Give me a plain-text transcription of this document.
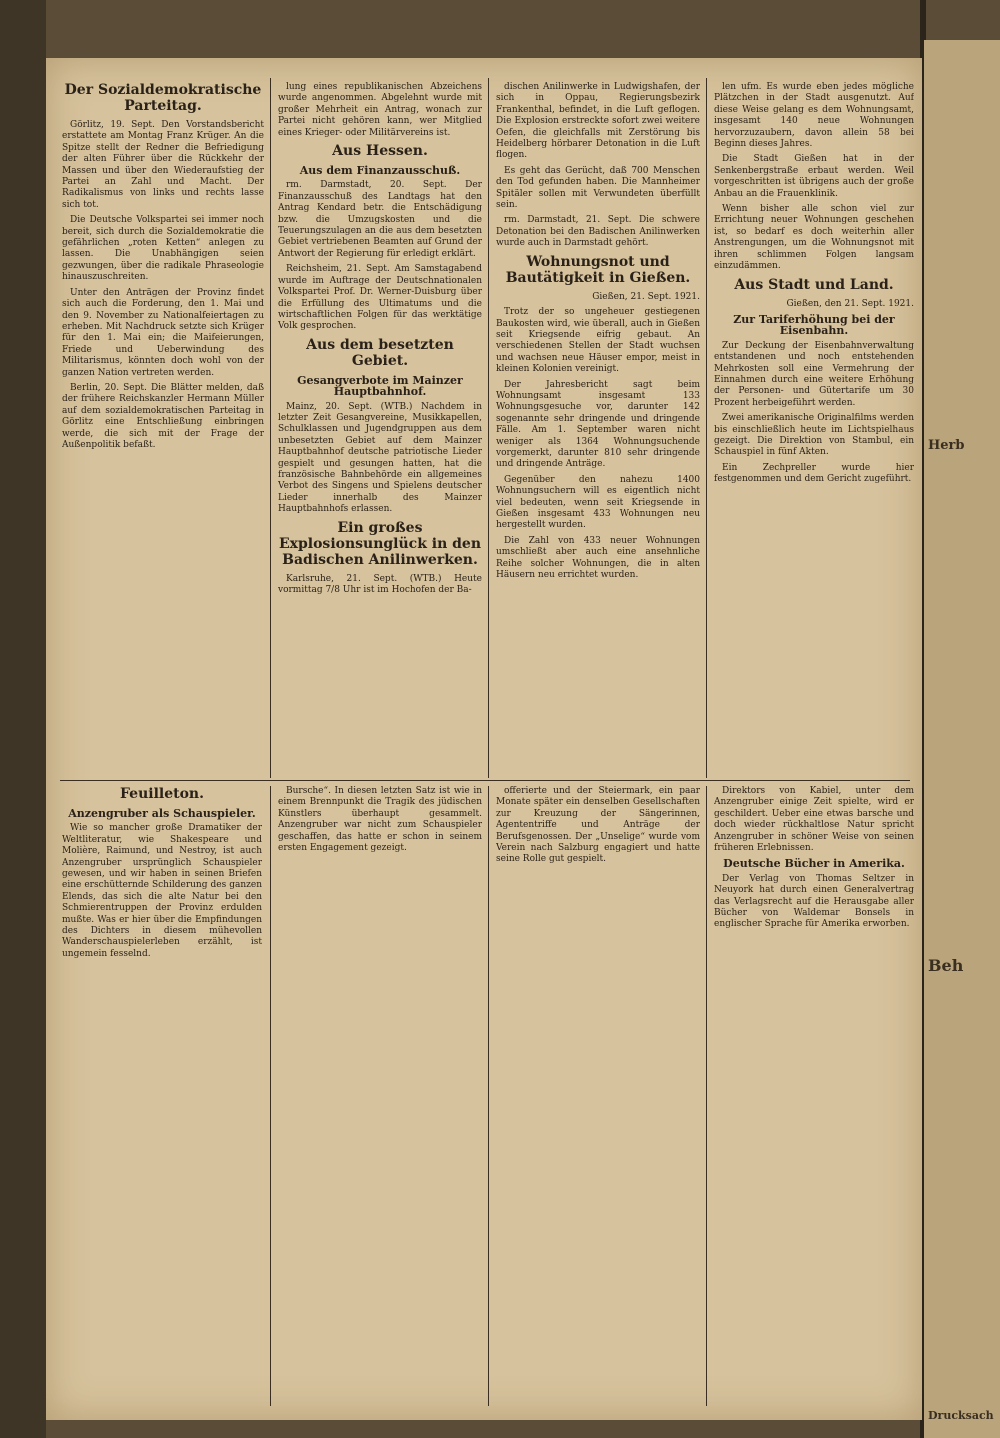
Der Sozialdemokratische Parteitag.

Görlitz, 19. Sept. Den Vorstandsbericht erstattete am Montag Franz Krüger. An die Spitze stellt der Redner die Befriedigung der alten Führer über die Rückkehr der Massen und über den Wiederaufstieg der Partei an Zahl und Macht. Der Radikalismus von links und rechts lasse sich tot.

Die Deutsche Volkspartei sei immer noch bereit, sich durch die Sozialdemokratie die gefährlichen „roten Ketten“ anlegen zu lassen. Die Unabhängigen seien gezwungen, über die radikale Phraseologie hinauszuschreiten.

Unter den Anträgen der Provinz findet sich auch die Forderung, den 1. Mai und den 9. November zu Nationalfeiertagen zu erheben. Mit Nachdruck setzte sich Krüger für den 1. Mai ein; die Maifeierungen, Friede und Ueberwindung des Militarismus, könnten doch wohl von der ganzen Nation vertreten werden.

Berlin, 20. Sept. Die Blätter melden, daß der frühere Reichskanzler Hermann Müller auf dem sozialdemokratischen Parteitag in Görlitz eine Entschließung einbringen werde, die sich mit der Frage der Außenpolitik befaßt.

lung eines republikanischen Abzeichens wurde angenommen. Abgelehnt wurde mit großer Mehrheit ein Antrag, wonach zur Partei nicht gehören kann, wer Mitglied eines Krieger- oder Militärvereins ist.

Aus Hessen.
Aus dem Finanzausschuß.

rm. Darmstadt, 20. Sept. Der Finanzausschuß des Landtags hat den Antrag Kendard betr. die Entschädigung bzw. die Umzugskosten und die Teuerungszulagen an die aus dem besetzten Gebiet vertriebenen Beamten auf Grund der Antwort der Regierung für erledigt erklärt.

Reichsheim, 21. Sept. Am Samstagabend wurde im Auftrage der Deutschnationalen Volkspartei Prof. Dr. Werner-Duisburg über die Erfüllung des Ultimatums und die wirtschaftlichen Folgen für das werktätige Volk gesprochen.

Aus dem besetzten Gebiet.
Gesangverbote im Mainzer Hauptbahnhof.

Mainz, 20. Sept. (WTB.) Nachdem in letzter Zeit Gesangvereine, Musikkapellen, Schulklassen und Jugendgruppen aus dem unbesetzten Gebiet auf dem Mainzer Hauptbahnhof deutsche patriotische Lieder gespielt und gesungen hatten, hat die französische Bahnbehörde ein allgemeines Verbot des Singens und Spielens deutscher Lieder innerhalb des Mainzer Hauptbahnhofs erlassen.

Ein großes Explosionsunglück in den Badischen Anilinwerken.

Karlsruhe, 21. Sept. (WTB.) Heute vormittag 7/8 Uhr ist im Hochofen der Ba-

dischen Anilinwerke in Ludwigshafen, der sich in Oppau, Regierungsbezirk Frankenthal, befindet, in die Luft geflogen. Die Explosion erstreckte sofort zwei weitere Oefen, die gleichfalls mit Zerstörung bis Heidelberg hörbarer Detonation in die Luft flogen.

Es geht das Gerücht, daß 700 Menschen den Tod gefunden haben. Die Mannheimer Spitäler sollen mit Verwundeten überfüllt sein.

rm. Darmstadt, 21. Sept. Die schwere Detonation bei den Badischen Anilinwerken wurde auch in Darmstadt gehört.

Wohnungsnot und Bautätigkeit in Gießen.
Gießen, 21. Sept. 1921.

Trotz der so ungeheuer gestiegenen Baukosten wird, wie überall, auch in Gießen seit Kriegsende eifrig gebaut. An verschiedenen Stellen der Stadt wuchsen und wachsen neue Häuser empor, meist in kleinen Kolonien vereinigt.

Der Jahresbericht sagt beim Wohnungsamt insgesamt 133 Wohnungsgesuche vor, darunter 142 sogenannte sehr dringende und dringende Fälle. Am 1. September waren nicht weniger als 1364 Wohnungsuchende vorgemerkt, darunter 810 sehr dringende und dringende Anträge.

Gegenüber den nahezu 1400 Wohnungsuchern will es eigentlich nicht viel bedeuten, wenn seit Kriegsende in Gießen insgesamt 433 Wohnungen neu hergestellt wurden.

Die Zahl von 433 neuer Wohnungen umschließt aber auch eine ansehnliche Reihe solcher Wohnungen, die in alten Häusern neu errichtet wurden.

len ufm. Es wurde eben jedes mögliche Plätzchen in der Stadt ausgenutzt. Auf diese Weise gelang es dem Wohnungsamt, insgesamt 140 neue Wohnungen hervorzuzaubern, davon allein 58 bei Beginn dieses Jahres.

Die Stadt Gießen hat in der Senkenbergstraße erbaut werden. Weil vorgeschritten ist übrigens auch der große Anbau an die Frauenklinik.

Wenn bisher alle schon viel zur Errichtung neuer Wohnungen geschehen ist, so bedarf es doch weiterhin aller Anstrengungen, um die Wohnungsnot mit ihren schlimmen Folgen langsam einzudämmen.

Aus Stadt und Land.
Gießen, den 21. Sept. 1921.
Zur Tariferhöhung bei der Eisenbahn.

Zur Deckung der Eisenbahnverwaltung entstandenen und noch entstehenden Mehrkosten soll eine Vermehrung der Einnahmen durch eine weitere Erhöhung der Personen- und Gütertarife um 30 Prozent herbeigeführt werden.

Zwei amerikanische Originalfilms werden bis einschließlich heute im Lichtspielhaus gezeigt. Die Direktion von Stambul, ein Schauspiel in fünf Akten.

Ein Zechpreller wurde hier festgenommen und dem Gericht zugeführt.

Feuilleton.
Anzengruber als Schauspieler.

Wie so mancher große Dramatiker der Weltliteratur, wie Shakespeare und Molière, Raimund, und Nestroy, ist auch Anzengruber ursprünglich Schauspieler gewesen, und wir haben in seinen Briefen eine erschütternde Schilderung des ganzen Elends, das sich die alte Natur bei den Schmierentruppen der Provinz erdulden mußte. Was er hier über die Empfindungen des Dichters in diesem mühevollen Wanderschauspielerleben erzählt, ist ungemein fesselnd.

Bursche“. In diesen letzten Satz ist wie in einem Brennpunkt die Tragik des jüdischen Künstlers überhaupt gesammelt. Anzengruber war nicht zum Schauspieler geschaffen, das hatte er schon in seinem ersten Engagement gezeigt.

offerierte und der Steiermark, ein paar Monate später ein denselben Gesellschaften zur Kreuzung der Sängerinnen, Agententriffe und Anträge der Berufsgenossen. Der „Unselige“ wurde vom Verein nach Salzburg engagiert und hatte seine Rolle gut gespielt.

Direktors von Kabiel, unter dem Anzengruber einige Zeit spielte, wird er geschildert. Ueber eine etwas barsche und doch wieder rückhaltlose Natur spricht Anzengruber in schöner Weise von seinen früheren Erlebnissen.

Deutsche Bücher in Amerika.

Der Verlag von Thomas Seltzer in Neuyork hat durch einen Generalvertrag das Verlagsrecht auf die Herausgabe aller Bücher von Waldemar Bonsels in englischer Sprache für Amerika erworben.

Herb
Beh
Drucksach
